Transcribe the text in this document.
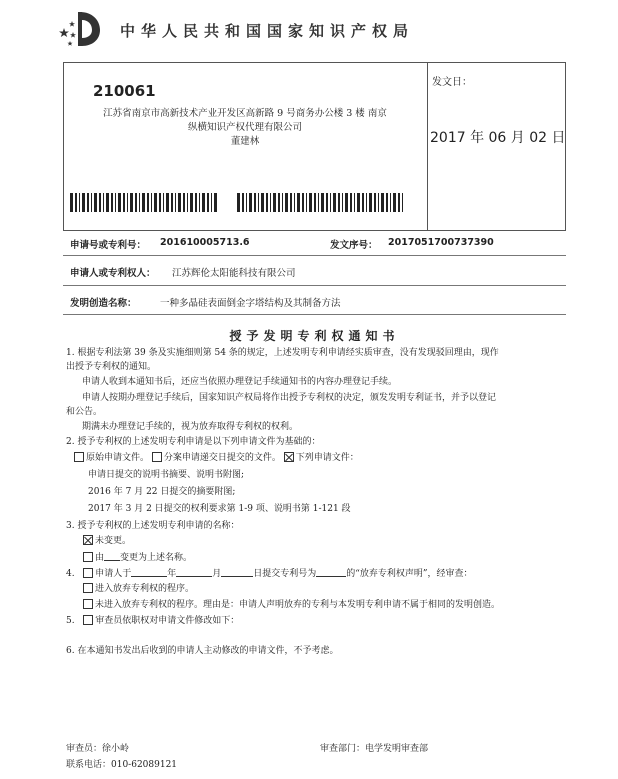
中华人民共和国国家知识产权局
210061
江苏省南京市高新技术产业开发区高新路 9 号商务办公楼 3 楼 南京
纵横知识产权代理有限公司
董建林
发文日：
2017 年 06 月 02 日
申请号或专利号： 201610005713.6	发文序号： 2017051700737390
申请人或专利权人： 江苏辉伦太阳能科技有限公司
发明创造名称： 一种多晶硅表面倒金字塔结构及其制备方法
授予发明专利权通知书
1. 根据专利法第 39 条及实施细则第 54 条的规定，上述发明专利申请经实质审查，没有发现驳回理由，现作
出授予专利权的通知。
申请人收到本通知书后，还应当依照办理登记手续通知书的内容办理登记手续。
申请人按期办理登记手续后，国家知识产权局将作出授予专利权的决定，颁发发明专利证书，并予以登记
和公告。
期满未办理登记手续的，视为放弃取得专利权的权利。
2. 授予专利权的上述发明专利申请是以下列申请文件为基础的：
原始申请文件。 分案申请递交日提交的文件。 下列申请文件：
申请日提交的说明书摘要、说明书附图;
2016 年 7 月 22 日提交的摘要附图;
2017 年 3 月 2 日提交的权利要求第 1-9 项、说明书第 1-121 段
3. 授予专利权的上述发明专利申请的名称：
未变更。
由 变更为上述名称。
4. 申请人于	年	月	日提交专利号为	的“放弃专利权声明”，经审查：
进入放弃专利权的程序。
未进入放弃专利权的程序。理由是：申请人声明放弃的专利与本发明专利申请不属于相同的发明创造。
5. 审查员依职权对申请文件修改如下：
6. 在本通知书发出后收到的申请人主动修改的申请文件，不予考虑。
审查员：徐小岭
联系电话：010-62089121
审查部门：电学发明审查部
